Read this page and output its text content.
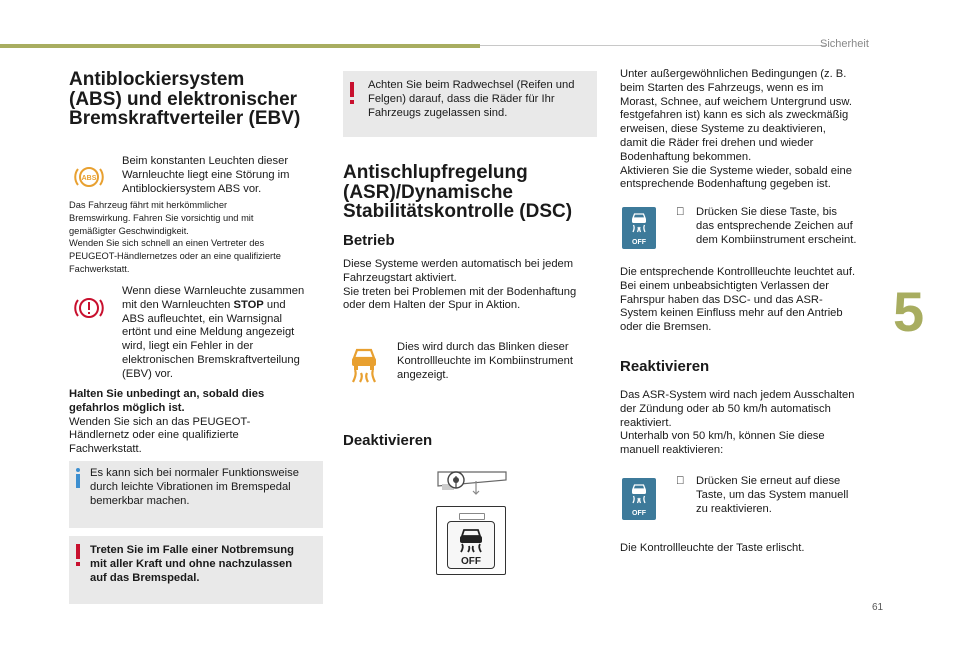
Sicherheit
5
61
Antiblockiersystem
(ABS) und elektronischer
Bremskraftverteiler (EBV)
ABS
Beim konstanten Leuchten dieser
Warnleuchte liegt eine Störung im
Antiblockiersystem ABS vor.
Das Fahrzeug fährt mit herkömmlicher
Bremswirkung. Fahren Sie vorsichtig und mit
gemäßigter Geschwindigkeit.
Wenden Sie sich schnell an einen Vertreter des
PEUGEOT-Händlernetzes oder an eine qualifizierte
Fachwerkstatt.
Wenn diese Warnleuchte zusammen
mit den Warnleuchten STOP und
ABS aufleuchtet, ein Warnsignal
ertönt und eine Meldung angezeigt
wird, liegt ein Fehler in der
elektronischen Bremskraftverteilung
(EBV) vor.
Halten Sie unbedingt an, sobald dies
gefahrlos möglich ist.
Wenden Sie sich an das PEUGEOT-
Händlernetz oder eine qualifizierte
Fachwerkstatt.
Es kann sich bei normaler Funktionsweise
durch leichte Vibrationen im Bremspedal
bemerkbar machen.
Treten Sie im Falle einer Notbremsung
mit aller Kraft und ohne nachzulassen
auf das Bremspedal.
Achten Sie beim Radwechsel (Reifen und
Felgen) darauf, dass die Räder für Ihr
Fahrzeugs zugelassen sind.
Antischlupfregelung
(ASR)/Dynamische
Stabilitätskontrolle (DSC)
Betrieb
Diese Systeme werden automatisch bei jedem
Fahrzeugstart aktiviert.
Sie treten bei Problemen mit der Bodenhaftung
oder dem Halten der Spur in Aktion.
Dies wird durch das Blinken dieser
Kontrollleuchte im Kombiinstrument
angezeigt.
Deaktivieren
OFF
Unter außergewöhnlichen Bedingungen (z. B.
beim Starten des Fahrzeugs, wenn es im
Morast, Schnee, auf weichem Untergrund usw.
festgefahren ist) kann es sich als zweckmäßig
erweisen, diese Systeme zu deaktivieren,
damit die Räder frei drehen und wieder
Bodenhaftung bekommen.
Aktivieren Sie die Systeme wieder, sobald eine
entsprechende Bodenhaftung gegeben ist.
OFF
Drücken Sie diese Taste, bis
das entsprechende Zeichen auf
dem Kombiinstrument erscheint.
Die entsprechende Kontrollleuchte leuchtet auf.
Bei einem unbeabsichtigten Verlassen der
Fahrspur haben das DSC- und das ASR-
System keinen Einfluss mehr auf den Antrieb
oder die Bremsen.
Reaktivieren
Das ASR-System wird nach jedem Ausschalten
der Zündung oder ab 50 km/h automatisch
reaktiviert.
Unterhalb von 50 km/h, können Sie diese
manuell reaktivieren:
OFF
Drücken Sie erneut auf diese
Taste, um das System manuell
zu reaktivieren.
Die Kontrollleuchte der Taste erlischt.
